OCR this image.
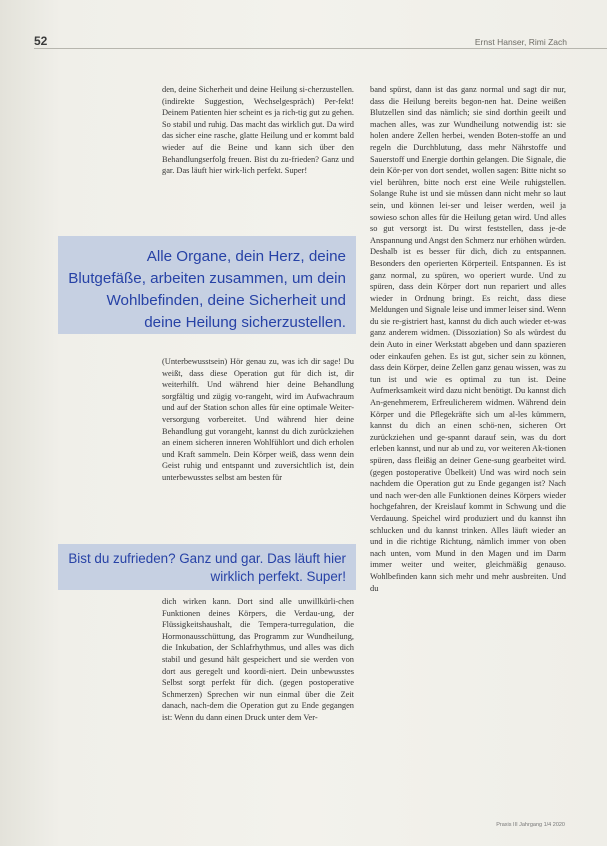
52	Ernst Hanser, Rimi Zach

den, deine Sicherheit und deine Heilung si-cherzustellen. (indirekte Suggestion, Wechselgespräch) Per-fekt! Deinem Patienten hier scheint es ja rich-tig gut zu gehen. So stabil und ruhig. Das macht das wirklich gut. Da wird das sicher eine rasche, glatte Heilung und er kommt bald wieder auf die Beine und kann sich über den Behandlungserfolg freuen. Bist du zu-frieden? Ganz und gar. Das läuft hier wirk-lich perfekt. Super!

Alle Organe, dein Herz, deine Blutgefäße, arbeiten zusammen, um dein Wohlbefinden, deine Sicherheit und deine Heilung sicherzustellen.

(Unterbewusstsein) Hör genau zu, was ich dir sage! Du weißt, dass diese Operation gut für dich ist, dir weiterhilft. Und während hier deine Behandlung sorgfältig und zügig vo-rangeht, wird im Aufwachraum und auf der Station schon alles für eine optimale Weiter-versorgung vorbereitet. Und während hier deine Behandlung gut vorangeht, kannst du dich zurückziehen an einem sicheren inneren Wohlfühlort und dich erholen und Kraft sammeln. Dein Körper weiß, dass wenn dein Geist ruhig und entspannt und zuversichtlich ist, dein unterbewusstes selbst am besten für

Bist du zufrieden? Ganz und gar. Das läuft hier wirklich perfekt. Super!

dich wirken kann. Dort sind alle unwillkürli-chen Funktionen deines Körpers, die Verdau-ung, der Flüssigkeitshaushalt, die Tempera-turregulation, die Hormonausschüttung, das Programm zur Wundheilung, die Inkubation, der Schlafrhythmus, und alles was dich stabil und gesund hält gespeichert und sie werden von dort aus geregelt und koordi-niert. Dein unbewusstes Selbst sorgt perfekt für dich. (gegen postoperative Schmerzen) Sprechen wir nun einmal über die Zeit danach, nach-dem die Operation gut zu Ende gegangen ist: Wenn du dann einen Druck unter dem Ver-

band spürst, dann ist das ganz normal und sagt dir nur, dass die Heilung bereits begon-nen hat. Deine weißen Blutzellen sind das nämlich; sie sind dorthin geeilt und machen alles, was zur Wundheilung notwendig ist: sie holen andere Zellen herbei, wenden Boten-stoffe an und regeln die Durchblutung, dass mehr Nährstoffe und Sauerstoff und Energie dorthin gelangen. Die Signale, die dein Kör-per von dort sendet, wollen sagen: Bitte nicht so viel berühren, bitte noch erst eine Weile ruhigstellen. Solange Ruhe ist und sie müssen dann nicht mehr so laut sein, und können lei-ser und leiser werden, weil ja sowieso schon alles für die Heilung getan wird. Und alles so gut versorgt ist. Du wirst feststellen, dass je-de Anspannung und Angst den Schmerz nur erhöhen würden. Deshalb ist es besser für dich, dich zu entspannen. Besonders den operierten Körperteil. Entspannen. Es ist ganz normal, zu spüren, wo operiert wurde. Und zu spüren, dass dein Körper dort nun repariert und alles wieder in Ordnung bringt. Es reicht, dass diese Meldungen und Signale leise und immer leiser sind. Wenn du sie re-gistriert hast, kannst du dich auch wieder et-was ganz anderem widmen. (Dissoziation) So als würdest du dein Auto in einer Werkstatt abgeben und dann spazieren oder einkaufen gehen. Es ist gut, sicher sein zu können, dass dein Körper, deine Zellen ganz genau wissen, was zu tun ist und wie es optimal zu tun ist. Deine Aufmerksamkeit wird dazu nicht benötigt. Du kannst dich An-genehmerem, Erfreulicherem widmen. Während dein Körper und die Pflegekräfte sich um al-les kümmern, kannst du dich an einen schö-nen, sicheren Ort zurückziehen und ge-spannt darauf sein, was du dort erleben kannst, und nur ab und zu, vor weiteren Ak-tionen spüren, dass fleißig an deiner Gene-sung gearbeitet wird. (gegen postoperative Übelkeit) Und was wird noch sein nachdem die Operation gut zu Ende gegangen ist? Nach und nach wer-den alle Funktionen deines Körpers wieder hochgefahren, der Kreislauf kommt in Schwung und die Verdauung. Speichel wird produziert und du kannst ihn schlucken und du kannst trinken. Alles läuft wieder an und in die richtige Richtung, nämlich immer von oben nach unten, vom Mund in den Magen und im Darm immer weiter und weiter, gleichmäßig genauso. Wohlbefinden kann sich mehr und mehr ausbreiten. Und du

Praxis III Jahrgang 1/4 2020
